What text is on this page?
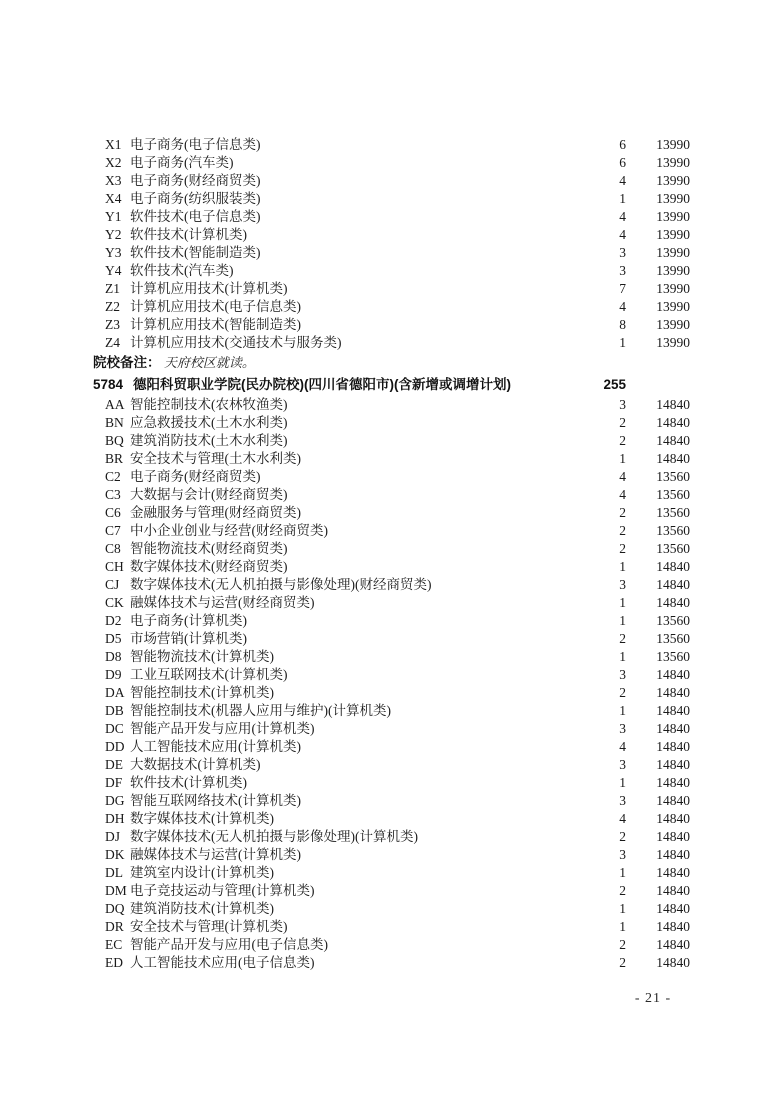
X1 电子商务(电子信息类)	6	13990
X2 电子商务(汽车类)	6	13990
X3 电子商务(财经商贸类)	4	13990
X4 电子商务(纺织服装类)	1	13990
Y1 软件技术(电子信息类)	4	13990
Y2 软件技术(计算机类)	4	13990
Y3 软件技术(智能制造类)	3	13990
Y4 软件技术(汽车类)	3	13990
Z1 计算机应用技术(计算机类)	7	13990
Z2 计算机应用技术(电子信息类)	4	13990
Z3 计算机应用技术(智能制造类)	8	13990
Z4 计算机应用技术(交通技术与服务类)	1	13990
院校备注： 天府校区就读。
5784 德阳科贸职业学院(民办院校)(四川省德阳市)(含新增或调增计划)	255
AA 智能控制技术(农林牧渔类)	3	14840
BN 应急救援技术(土木水利类)	2	14840
BQ 建筑消防技术(土木水利类)	2	14840
BR 安全技术与管理(土木水利类)	1	14840
C2 电子商务(财经商贸类)	4	13560
C3 大数据与会计(财经商贸类)	4	13560
C6 金融服务与管理(财经商贸类)	2	13560
C7 中小企业创业与经营(财经商贸类)	2	13560
C8 智能物流技术(财经商贸类)	2	13560
CH 数字媒体技术(财经商贸类)	1	14840
CJ 数字媒体技术(无人机拍摄与影像处理)(财经商贸类)	3	14840
CK 融媒体技术与运营(财经商贸类)	1	14840
D2 电子商务(计算机类)	1	13560
D5 市场营销(计算机类)	2	13560
D8 智能物流技术(计算机类)	1	13560
D9 工业互联网技术(计算机类)	3	14840
DA 智能控制技术(计算机类)	2	14840
DB 智能控制技术(机器人应用与维护)(计算机类)	1	14840
DC 智能产品开发与应用(计算机类)	3	14840
DD 人工智能技术应用(计算机类)	4	14840
DE 大数据技术(计算机类)	3	14840
DF 软件技术(计算机类)	1	14840
DG 智能互联网络技术(计算机类)	3	14840
DH 数字媒体技术(计算机类)	4	14840
DJ 数字媒体技术(无人机拍摄与影像处理)(计算机类)	2	14840
DK 融媒体技术与运营(计算机类)	3	14840
DL 建筑室内设计(计算机类)	1	14840
DM 电子竞技运动与管理(计算机类)	2	14840
DQ 建筑消防技术(计算机类)	1	14840
DR 安全技术与管理(计算机类)	1	14840
EC 智能产品开发与应用(电子信息类)	2	14840
ED 人工智能技术应用(电子信息类)	2	14840
- 21 -
